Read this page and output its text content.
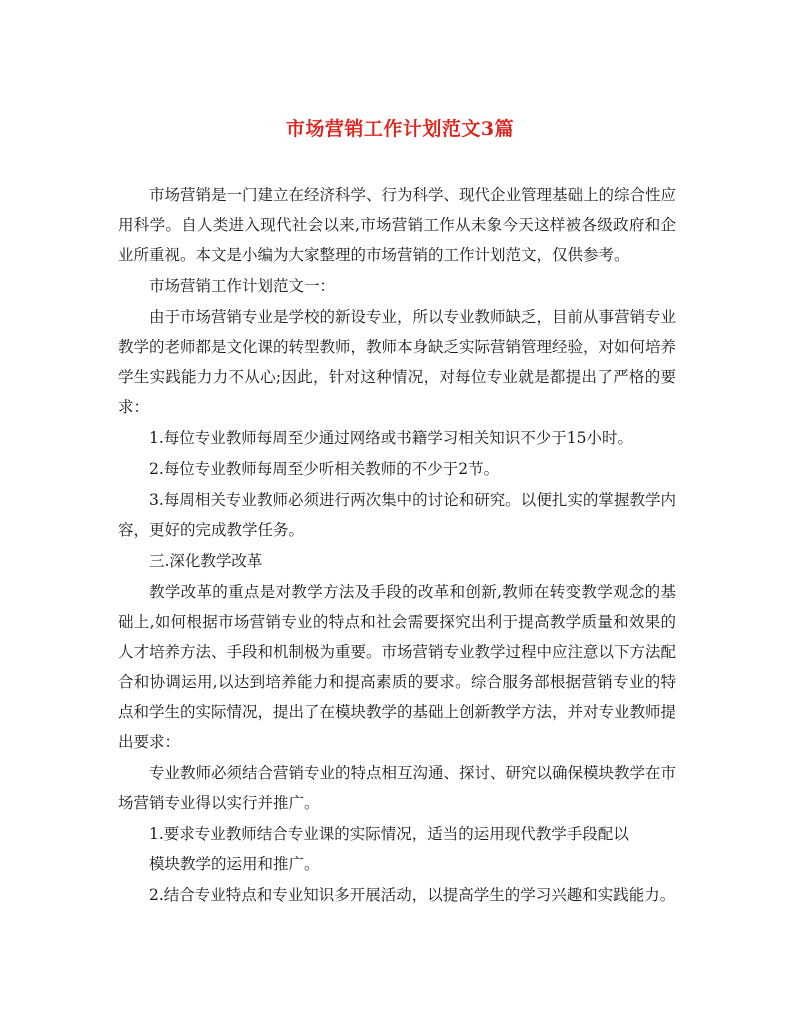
市场营销工作计划范文3篇

市场营销是一门建立在经济科学、行为科学、现代企业管理基础上的综合性应用科学。自人类进入现代社会以来,市场营销工作从未象今天这样被各级政府和企业所重视。本文是小编为大家整理的市场营销的工作计划范文，仅供参考。

市场营销工作计划范文一：

由于市场营销专业是学校的新设专业，所以专业教师缺乏，目前从事营销专业教学的老师都是文化课的转型教师，教师本身缺乏实际营销管理经验，对如何培养学生实践能力力不从心;因此，针对这种情况，对每位专业就是都提出了严格的要求：

1.每位专业教师每周至少通过网络或书籍学习相关知识不少于15小时。

2.每位专业教师每周至少听相关教师的不少于2节。

3.每周相关专业教师必须进行两次集中的讨论和研究。以便扎实的掌握教学内容，更好的完成教学任务。

三.深化教学改革

教学改革的重点是对教学方法及手段的改革和创新,教师在转变教学观念的基础上,如何根据市场营销专业的特点和社会需要探究出利于提高教学质量和效果的人才培养方法、手段和机制极为重要。市场营销专业教学过程中应注意以下方法配合和协调运用,以达到培养能力和提高素质的要求。综合服务部根据营销专业的特点和学生的实际情况，提出了在模块教学的基础上创新教学方法，并对专业教师提出要求：

专业教师必须结合营销专业的特点相互沟通、探讨、研究以确保模块教学在市场营销专业得以实行并推广。

1.要求专业教师结合专业课的实际情况，适当的运用现代教学手段配以

模块教学的运用和推广。

2.结合专业特点和专业知识多开展活动，以提高学生的学习兴趣和实践能力。
